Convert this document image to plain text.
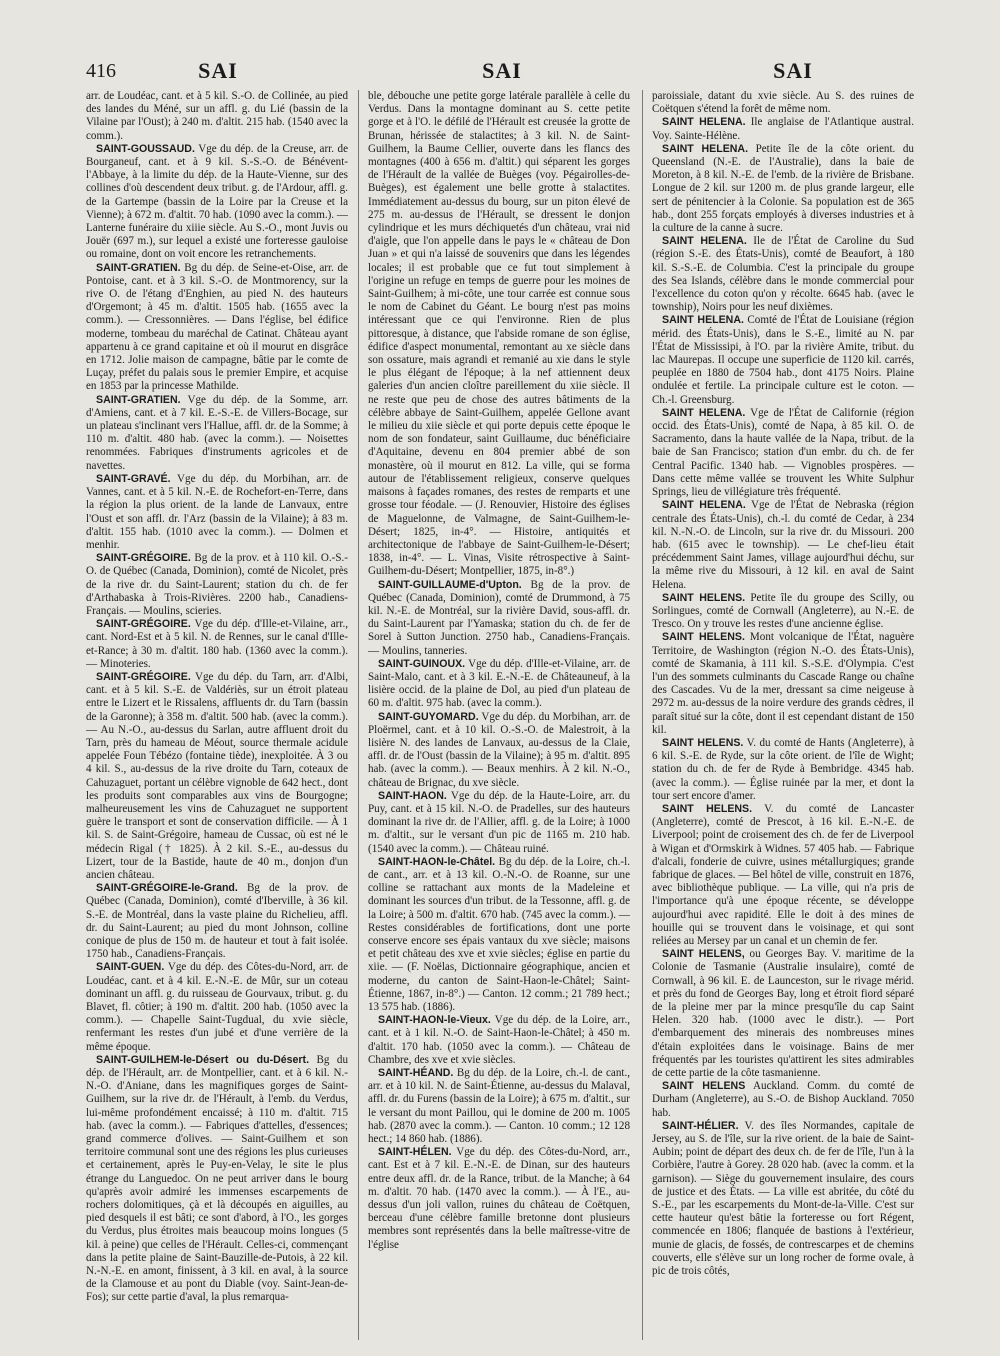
416	SAI	SAI	SAI

arr. de Loudéac, cant. et à 5 kil. S.-O. de Collinée, au pied des landes du Méné, sur un affl. g. du Lié (bassin de la Vilaine par l'Oust); à 240 m. d'altit. 215 hab. (1540 avec la comm.).

SAINT-GOUSSAUD. Vge du dép. de la Creuse, arr. de Bourganeuf, cant. et à 9 kil. S.-S.-O. de Bénévent-l'Abbaye, à la limite du dép. de la Haute-Vienne, sur des collines d'où descendent deux tribut. g. de l'Ardour, affl. g. de la Gartempe (bassin de la Loire par la Creuse et la Vienne); à 672 m. d'altit. 70 hab. (1090 avec la comm.). — Lanterne funéraire du xiiie siècle. Au S.-O., mont Juvis ou Jouër (697 m.), sur lequel a existé une forteresse gauloise ou romaine, dont on voit encore les retranchements.

SAINT-GRATIEN. Bg du dép. de Seine-et-Oise, arr. de Pontoise, cant. et à 3 kil. S.-O. de Montmorency, sur la rive O. de l'étang d'Enghien, au pied N. des hauteurs d'Orgemont; à 45 m. d'altit. 1505 hab. (1655 avec la comm.). — Cressonnières. — Dans l'église, bel édifice moderne, tombeau du maréchal de Catinat. Château ayant appartenu à ce grand capitaine et où il mourut en disgrâce en 1712. Jolie maison de campagne, bâtie par le comte de Luçay, préfet du palais sous le premier Empire, et acquise en 1853 par la princesse Mathilde.

SAINT-GRATIEN. Vge du dép. de la Somme, arr. d'Amiens, cant. et à 7 kil. E.-S.-E. de Villers-Bocage, sur un plateau s'inclinant vers l'Hallue, affl. dr. de la Somme; à 110 m. d'altit. 480 hab. (avec la comm.). — Noisettes renommées. Fabriques d'instruments agricoles et de navettes.

SAINT-GRAVÉ. Vge du dép. du Morbihan, arr. de Vannes, cant. et à 5 kil. N.-E. de Rochefort-en-Terre, dans la région la plus orient. de la lande de Lanvaux, entre l'Oust et son affl. dr. l'Arz (bassin de la Vilaine); à 83 m. d'altit. 155 hab. (1010 avec la comm.). — Dolmen et menhir.

SAINT-GRÉGOIRE. Bg de la prov. et à 110 kil. O.-S.-O. de Québec (Canada, Dominion), comté de Nicolet, près de la rive dr. du Saint-Laurent; station du ch. de fer d'Arthabaska à Trois-Rivières. 2200 hab., Canadiens-Français. — Moulins, scieries.

SAINT-GRÉGOIRE. Vge du dép. d'Ille-et-Vilaine, arr., cant. Nord-Est et à 5 kil. N. de Rennes, sur le canal d'Ille-et-Rance; à 30 m. d'altit. 180 hab. (1360 avec la comm.). — Minoteries.

SAINT-GRÉGOIRE. Vge du dép. du Tarn, arr. d'Albi, cant. et à 5 kil. S.-E. de Valdériès, sur un étroit plateau entre le Lizert et le Rissalens, affluents dr. du Tarn (bassin de la Garonne); à 358 m. d'altit. 500 hab. (avec la comm.). — Au N.-O., au-dessus du Sarlan, autre affluent droit du Tarn, près du hameau de Méout, source thermale acidule appelée Foun Tébézo (fontaine tiède), inexploitée. À 3 ou 4 kil. S., au-dessus de la rive droite du Tarn, coteaux de Cahuzaguet, portant un célèbre vignoble de 642 hect., dont les produits sont comparables aux vins de Bourgogne; malheureusement les vins de Cahuzaguet ne supportent guère le transport et sont de conservation difficile. — À 1 kil. S. de Saint-Grégoire, hameau de Cussac, où est né le médecin Rigal († 1825). À 2 kil. S.-E., au-dessus du Lizert, tour de la Bastide, haute de 40 m., donjon d'un ancien château.

SAINT-GRÉGOIRE-le-Grand. Bg de la prov. de Québec (Canada, Dominion), comté d'Iberville, à 36 kil. S.-E. de Montréal, dans la vaste plaine du Richelieu, affl. dr. du Saint-Laurent; au pied du mont Johnson, colline conique de plus de 150 m. de hauteur et tout à fait isolée. 1750 hab., Canadiens-Français.

SAINT-GUEN. Vge du dép. des Côtes-du-Nord, arr. de Loudéac, cant. et à 4 kil. E.-N.-E. de Mûr, sur un coteau dominant un affl. g. du ruisseau de Gourvaux, tribut. g. du Blavet, fl. côtier; à 190 m. d'altit. 200 hab. (1050 avec la comm.). — Chapelle Saint-Tugdual, du xvie siècle, renfermant les restes d'un jubé et d'une verrière de la même époque.

SAINT-GUILHEM-le-Désert ou du-Désert. Bg du dép. de l'Hérault, arr. de Montpellier, cant. et à 6 kil. N.-N.-O. d'Aniane, dans les magnifiques gorges de Saint-Guilhem, sur la rive dr. de l'Hérault, à l'emb. du Verdus, lui-même profondément encaissé; à 110 m. d'altit. 715 hab. (avec la comm.). — Fabriques d'attelles, d'essences; grand commerce d'olives. — Saint-Guilhem et son territoire communal sont une des régions les plus curieuses et certainement, après le Puy-en-Velay, le site le plus étrange du Languedoc. On ne peut arriver dans le bourg qu'après avoir admiré les immenses escarpements de rochers dolomitiques, çà et là découpés en aiguilles, au pied desquels il est bâti; ce sont d'abord, à l'O., les gorges du Verdus, plus étroites mais beaucoup moins longues (5 kil. à peine) que celles de l'Hérault. Celles-ci, commençant dans la petite plaine de Saint-Bauzille-de-Putois, à 22 kil. N.-N.-E. en amont, finissent, à 3 kil. en aval, à la source de la Clamouse et au pont du Diable (voy. Saint-Jean-de-Fos); sur cette partie d'aval, la plus remarqua-

ble, débouche une petite gorge latérale parallèle à celle du Verdus. Dans la montagne dominant au S. cette petite gorge et à l'O. le défilé de l'Hérault est creusée la grotte de Brunan, hérissée de stalactites; à 3 kil. N. de Saint-Guilhem, la Baume Cellier, ouverte dans les flancs des montagnes (400 à 656 m. d'altit.) qui séparent les gorges de l'Hérault de la vallée de Buèges (voy. Pégairolles-de-Buèges), est également une belle grotte à stalactites. Immédiatement au-dessus du bourg, sur un piton élevé de 275 m. au-dessus de l'Hérault, se dressent le donjon cylindrique et les murs déchiquetés d'un château, vrai nid d'aigle, que l'on appelle dans le pays le « château de Don Juan » et qui n'a laissé de souvenirs que dans les légendes locales; il est probable que ce fut tout simplement à l'origine un refuge en temps de guerre pour les moines de Saint-Guilhem; à mi-côte, une tour carrée est connue sous le nom de Cabinet du Géant. Le bourg n'est pas moins intéressant que ce qui l'environne. Rien de plus pittoresque, à distance, que l'abside romane de son église, édifice d'aspect monumental, remontant au xe siècle dans son ossature, mais agrandi et remanié au xie dans le style le plus élégant de l'époque; à la nef attiennent deux galeries d'un ancien cloître pareillement du xiie siècle. Il ne reste que peu de chose des autres bâtiments de la célèbre abbaye de Saint-Guilhem, appelée Gellone avant le milieu du xiie siècle et qui porte depuis cette époque le nom de son fondateur, saint Guillaume, duc bénéficiaire d'Aquitaine, devenu en 804 premier abbé de son monastère, où il mourut en 812. La ville, qui se forma autour de l'établissement religieux, conserve quelques maisons à façades romanes, des restes de remparts et une grosse tour féodale. — (J. Renouvier, Histoire des églises de Maguelonne, de Valmagne, de Saint-Guilhem-le-Désert; 1825, in-4°. — Histoire, antiquités et architectonique de l'abbaye de Saint-Guilhem-le-Désert; 1838, in-4°. — L. Vinas, Visite rétrospective à Saint-Guilhem-du-Désert; Montpellier, 1875, in-8°.)

SAINT-GUILLAUME-d'Upton. Bg de la prov. de Québec (Canada, Dominion), comté de Drummond, à 75 kil. N.-E. de Montréal, sur la rivière David, sous-affl. dr. du Saint-Laurent par l'Yamaska; station du ch. de fer de Sorel à Sutton Junction. 2750 hab., Canadiens-Français. — Moulins, tanneries.

SAINT-GUINOUX. Vge du dép. d'Ille-et-Vilaine, arr. de Saint-Malo, cant. et à 3 kil. E.-N.-E. de Châteauneuf, à la lisière occid. de la plaine de Dol, au pied d'un plateau de 60 m. d'altit. 975 hab. (avec la comm.).

SAINT-GUYOMARD. Vge du dép. du Morbihan, arr. de Ploërmel, cant. et à 10 kil. O.-S.-O. de Malestroit, à la lisière N. des landes de Lanvaux, au-dessus de la Claie, affl. dr. de l'Oust (bassin de la Vilaine); à 95 m. d'altit. 895 hab. (avec la comm.). — Beaux menhirs. À 2 kil. N.-O., château de Brignac, du xve siècle.

SAINT-HAON. Vge du dép. de la Haute-Loire, arr. du Puy, cant. et à 15 kil. N.-O. de Pradelles, sur des hauteurs dominant la rive dr. de l'Allier, affl. g. de la Loire; à 1000 m. d'altit., sur le versant d'un pic de 1165 m. 210 hab. (1540 avec la comm.). — Château ruiné.

SAINT-HAON-le-Châtel. Bg du dép. de la Loire, ch.-l. de cant., arr. et à 13 kil. O.-N.-O. de Roanne, sur une colline se rattachant aux monts de la Madeleine et dominant les sources d'un tribut. de la Tessonne, affl. g. de la Loire; à 500 m. d'altit. 670 hab. (745 avec la comm.). — Restes considérables de fortifications, dont une porte conserve encore ses épais vantaux du xve siècle; maisons et petit château des xve et xvie siècles; église en partie du xiie. — (F. Noëlas, Dictionnaire géographique, ancien et moderne, du canton de Saint-Haon-le-Châtel; Saint-Étienne, 1867, in-8°.) — Canton. 12 comm.; 21 789 hect.; 13 575 hab. (1886).

SAINT-HAON-le-Vieux. Vge du dép. de la Loire, arr., cant. et à 1 kil. N.-O. de Saint-Haon-le-Châtel; à 450 m. d'altit. 170 hab. (1050 avec la comm.). — Château de Chambre, des xve et xvie siècles.

SAINT-HÉAND. Bg du dép. de la Loire, ch.-l. de cant., arr. et à 10 kil. N. de Saint-Étienne, au-dessus du Malaval, affl. dr. du Furens (bassin de la Loire); à 675 m. d'altit., sur le versant du mont Paillou, qui le domine de 200 m. 1005 hab. (2870 avec la comm.). — Canton. 10 comm.; 12 128 hect.; 14 860 hab. (1886).

SAINT-HÉLEN. Vge du dép. des Côtes-du-Nord, arr., cant. Est et à 7 kil. E.-N.-E. de Dinan, sur des hauteurs entre deux affl. dr. de la Rance, tribut. de la Manche; à 64 m. d'altit. 70 hab. (1470 avec la comm.). — À l'E., au-dessus d'un joli vallon, ruines du château de Coëtquen, berceau d'une célèbre famille bretonne dont plusieurs membres sont représentés dans la belle maîtresse-vitre de l'église

paroissiale, datant du xvie siècle. Au S. des ruines de Coëtquen s'étend la forêt de même nom.

SAINT HELENA. Ile anglaise de l'Atlantique austral. Voy. Sainte-Hélène.

SAINT HELENA. Petite île de la côte orient. du Queensland (N.-E. de l'Australie), dans la baie de Moreton, à 8 kil. N.-E. de l'emb. de la rivière de Brisbane. Longue de 2 kil. sur 1200 m. de plus grande largeur, elle sert de pénitencier à la Colonie. Sa population est de 365 hab., dont 255 forçats employés à diverses industries et à la culture de la canne à sucre.

SAINT HELENA. Ile de l'État de Caroline du Sud (région S.-E. des États-Unis), comté de Beaufort, à 180 kil. S.-S.-E. de Columbia. C'est la principale du groupe des Sea Islands, célèbre dans le monde commercial pour l'excellence du coton qu'on y récolte. 6645 hab. (avec le township), Noirs pour les neuf dixièmes.

SAINT HELENA. Comté de l'État de Louisiane (région mérid. des États-Unis), dans le S.-E., limité au N. par l'État de Mississipi, à l'O. par la rivière Amite, tribut. du lac Maurepas. Il occupe une superficie de 1120 kil. carrés, peuplée en 1880 de 7504 hab., dont 4175 Noirs. Plaine ondulée et fertile. La principale culture est le coton. — Ch.-l. Greensburg.

SAINT HELENA. Vge de l'État de Californie (région occid. des États-Unis), comté de Napa, à 85 kil. O. de Sacramento, dans la haute vallée de la Napa, tribut. de la baie de San Francisco; station d'un embr. du ch. de fer Central Pacific. 1340 hab. — Vignobles prospères. — Dans cette même vallée se trouvent les White Sulphur Springs, lieu de villégiature très fréquenté.

SAINT HELENA. Vge de l'État de Nebraska (région centrale des États-Unis), ch.-l. du comté de Cedar, à 234 kil. N.-N.-O. de Lincoln, sur la rive dr. du Missouri. 200 hab. (615 avec le township). — Le chef-lieu était précédemment Saint James, village aujourd'hui déchu, sur la même rive du Missouri, à 12 kil. en aval de Saint Helena.

SAINT HELENS. Petite île du groupe des Scilly, ou Sorlingues, comté de Cornwall (Angleterre), au N.-E. de Tresco. On y trouve les restes d'une ancienne église.

SAINT HELENS. Mont volcanique de l'État, naguère Territoire, de Washington (région N.-O. des États-Unis), comté de Skamania, à 111 kil. S.-S.E. d'Olympia. C'est l'un des sommets culminants du Cascade Range ou chaîne des Cascades. Vu de la mer, dressant sa cime neigeuse à 2972 m. au-dessus de la noire verdure des grands cèdres, il paraît situé sur la côte, dont il est cependant distant de 150 kil.

SAINT HELENS. V. du comté de Hants (Angleterre), à 6 kil. S.-E. de Ryde, sur la côte orient. de l'île de Wight; station du ch. de fer de Ryde à Bembridge. 4345 hab. (avec la comm.). — Église ruinée par la mer, et dont la tour sert encore d'amer.

SAINT HELENS. V. du comté de Lancaster (Angleterre), comté de Prescot, à 16 kil. E.-N.-E. de Liverpool; point de croisement des ch. de fer de Liverpool à Wigan et d'Ormskirk à Widnes. 57 405 hab. — Fabrique d'alcali, fonderie de cuivre, usines métallurgiques; grande fabrique de glaces. — Bel hôtel de ville, construit en 1876, avec bibliothèque publique. — La ville, qui n'a pris de l'importance qu'à une époque récente, se développe aujourd'hui avec rapidité. Elle le doit à des mines de houille qui se trouvent dans le voisinage, et qui sont reliées au Mersey par un canal et un chemin de fer.

SAINT HELENS, ou Georges Bay. V. maritime de la Colonie de Tasmanie (Australie insulaire), comté de Cornwall, à 96 kil. E. de Launceston, sur le rivage mérid. et près du fond de Georges Bay, long et étroit fiord séparé de la pleine mer par la mince presqu'île du cap Saint Helen. 320 hab. (1000 avec le distr.). — Port d'embarquement des minerais des nombreuses mines d'étain exploitées dans le voisinage. Bains de mer fréquentés par les touristes qu'attirent les sites admirables de cette partie de la côte tasmanienne.

SAINT HELENS Auckland. Comm. du comté de Durham (Angleterre), au S.-O. de Bishop Auckland. 7050 hab.

SAINT-HÉLIER. V. des îles Normandes, capitale de Jersey, au S. de l'île, sur la rive orient. de la baie de Saint-Aubin; point de départ des deux ch. de fer de l'île, l'un à la Corbière, l'autre à Gorey. 28 020 hab. (avec la comm. et la garnison). — Siège du gouvernement insulaire, des cours de justice et des États. — La ville est abritée, du côté du S.-E., par les escarpements du Mont-de-la-Ville. C'est sur cette hauteur qu'est bâtie la forteresse ou fort Régent, commencée en 1806; flanquée de bastions à l'extérieur, munie de glacis, de fossés, de contrescarpes et de chemins couverts, elle s'élève sur un long rocher de forme ovale, à pic de trois côtés,
